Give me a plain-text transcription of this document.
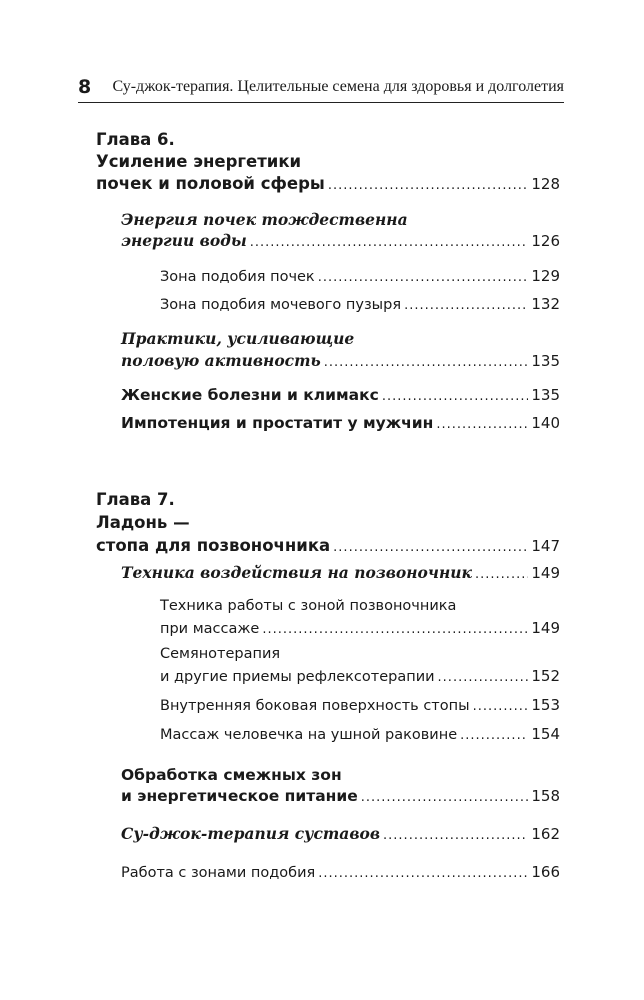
8 Су-джок-терапия. Целительные семена для здоровья и долголетия
Глава 6.
Усиление энергетики
почек и половой сферы .....	128
Энергия почек тождественна
энергии воды .....	126
Зона подобия почек .....	129
Зона подобия мочевого пузыря .....	132
Практики, усиливающие
половую активность .....	135
Женские болезни и климакс .....	135
Импотенция и простатит у мужчин .....	140
Глава 7.
Ладонь —
стопа для позвоночника .....	147
Техника воздействия на позвоночник .....	149
Техника работы с зоной позвоночника
при массаже .....	149
Семянотерапия
и другие приемы рефлексотерапии .....	152
Внутренняя боковая поверхность стопы .....	153
Массаж человечка на ушной раковине .....	154
Обработка смежных зон
и энергетическое питание .....	158
Су-джок-терапия суставов .....	162
Работа с зонами подобия .....	166
